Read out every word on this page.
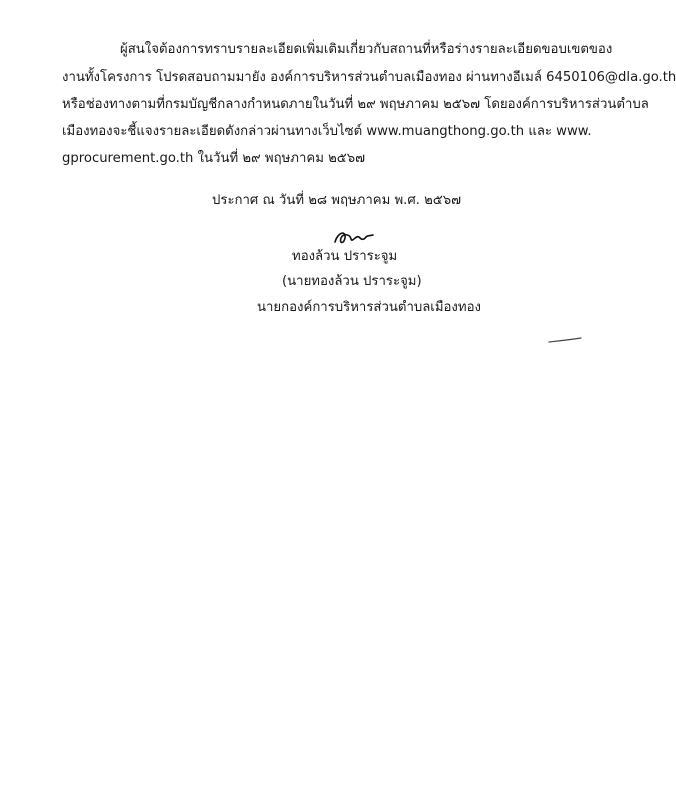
ผู้สนใจต้องการทราบรายละเอียดเพิ่มเติมเกี่ยวกับสถานที่หรือร่างรายละเอียดขอบเขตของ
งานทั้งโครงการ โปรดสอบถามมายัง องค์การบริหารส่วนตำบลเมืองทอง ผ่านทางอีเมล์ 6450106@dla.go.th
หรือช่องทางตามที่กรมบัญชีกลางกำหนดภายในวันที่ ๒๙ พฤษภาคม ๒๕๖๗ โดยองค์การบริหารส่วนตำบล
เมืองทองจะชี้แจงรายละเอียดดังกล่าวผ่านทางเว็บไซต์ www.muangthong.go.th และ www.
gprocurement.go.th ในวันที่ ๒๙ พฤษภาคม ๒๕๖๗
ประกาศ ณ วันที่ ๒๘ พฤษภาคม พ.ศ. ๒๕๖๗
ทองล้วน ปราระจูม
(นายทองล้วน ปราระจูม)
นายกองค์การบริหารส่วนตำบลเมืองทอง
